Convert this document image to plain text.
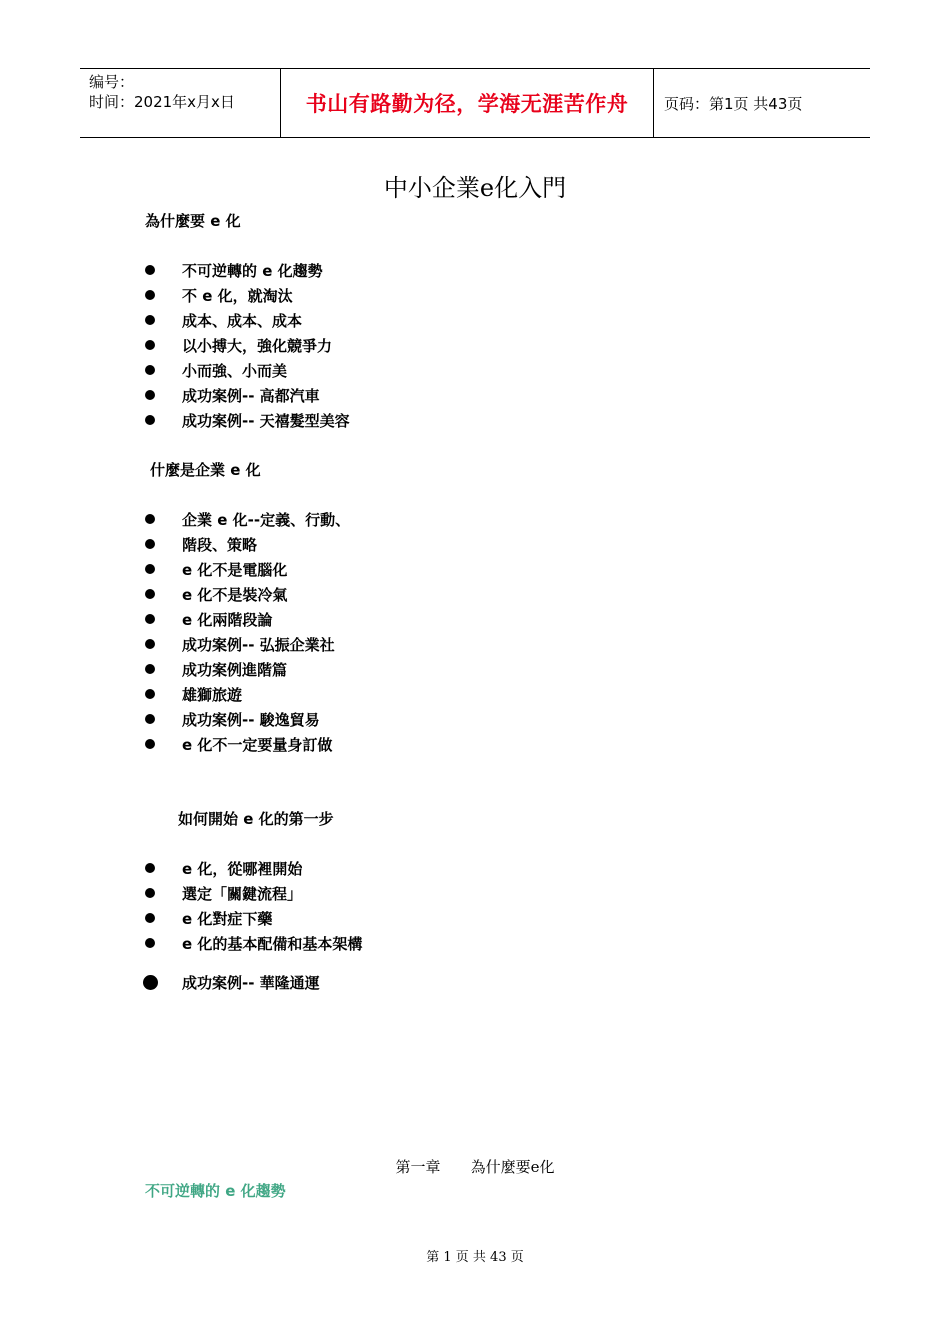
编号：
时间：2021年x月x日	书山有路勤为径，学海无涯苦作舟 页码：第1页 共43页
中小企業e化入門
為什麼要 e 化
不可逆轉的 e 化趨勢
不 e 化，就淘汰
成本、成本、成本
以小搏大，強化競爭力
小而強、小而美
成功案例-- 高都汽車
成功案例-- 天禧髮型美容
什麼是企業 e 化
企業 e 化--定義、行動、
階段、策略
e 化不是電腦化
e 化不是裝冷氣
e 化兩階段論
成功案例-- 弘振企業社
成功案例進階篇
雄獅旅遊
成功案例-- 駿逸貿易
e 化不一定要量身訂做
如何開始 e 化的第一步
e 化，從哪裡開始
選定「關鍵流程」
e 化對症下藥
e 化的基本配備和基本架構
成功案例-- 華隆通運
第一章 為什麼要e化
不可逆轉的 e 化趨勢
第 1 页 共 43 页
